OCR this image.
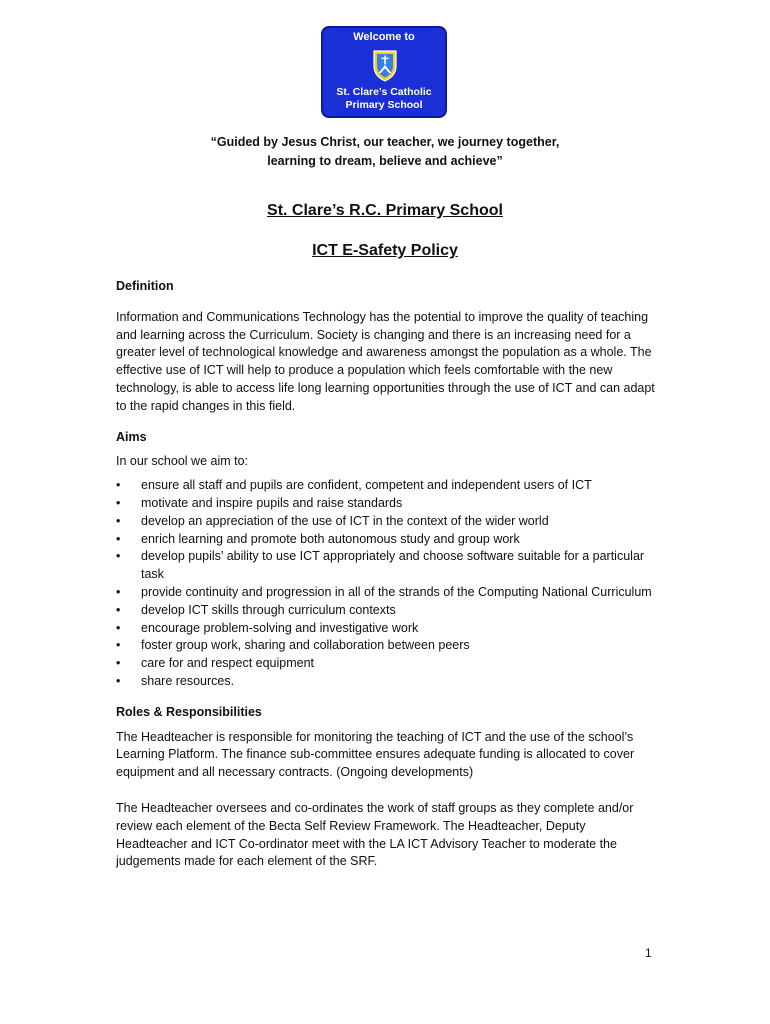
Welcome to
St. Clare's Catholic
Primary School
“Guided by Jesus Christ, our teacher, we journey together,
learning to dream, believe and achieve”
St. Clare’s R.C. Primary School
ICT E-Safety Policy

Definition

Information and Communications Technology has the potential to improve the quality of teaching and learning across the Curriculum. Society is changing and there is an increasing need for a greater level of technological knowledge and awareness amongst the population as a whole. The effective use of ICT will help to produce a population which feels comfortable with the new technology, is able to access life long learning opportunities through the use of ICT and can adapt to the rapid changes in this field.

Aims

In our school we aim to:

• ensure all staff and pupils are confident, competent and independent users of ICT
• motivate and inspire pupils and raise standards
• develop an appreciation of the use of ICT in the context of the wider world
• enrich learning and promote both autonomous study and group work
• develop pupils’ ability to use ICT appropriately and choose software suitable for a particular task
• provide continuity and progression in all of the strands of the Computing National Curriculum
• develop ICT skills through curriculum contexts
• encourage problem-solving and investigative work
• foster group work, sharing and collaboration between peers
• care for and respect equipment
• share resources.

Roles & Responsibilities

The Headteacher is responsible for monitoring the teaching of ICT and the use of the school’s Learning Platform. The finance sub-committee ensures adequate funding is allocated to cover equipment and all necessary contracts. (Ongoing developments)

The Headteacher oversees and co-ordinates the work of staff groups as they complete and/or review each element of the Becta Self Review Framework. The Headteacher, Deputy Headteacher and ICT Co-ordinator meet with the LA ICT Advisory Teacher to moderate the judgements made for each element of the SRF.

1
